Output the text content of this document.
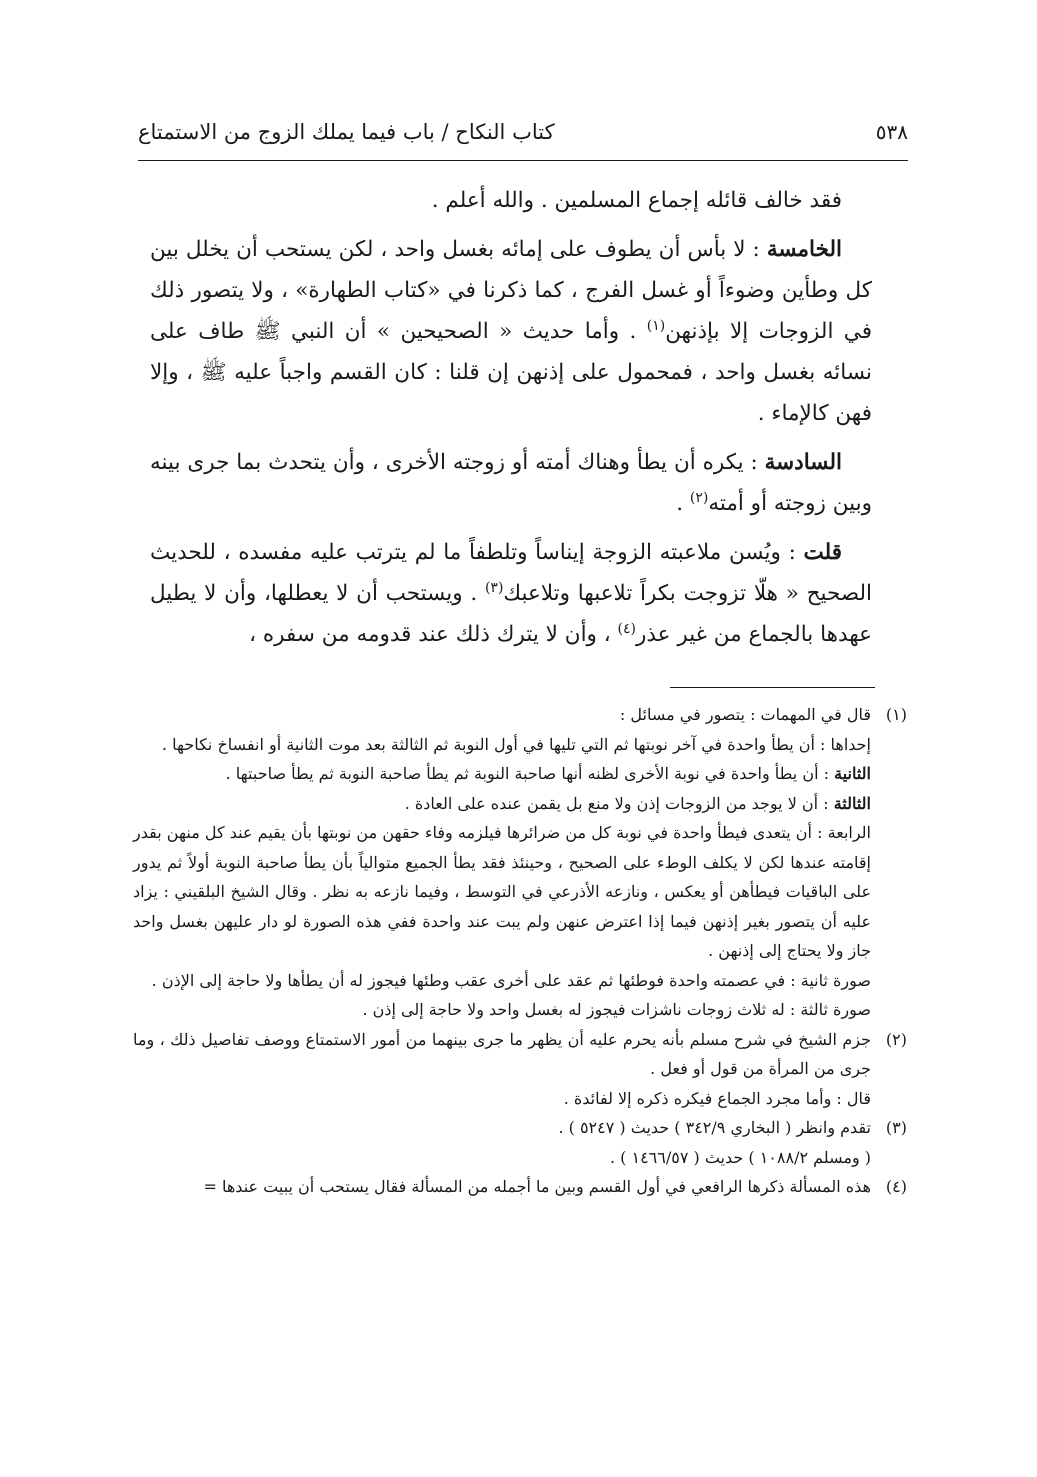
كتاب النكاح / باب فيما يملك الزوج من الاستمتاع	٥٣٨

فقد خالف قائله إجماع المسلمين . والله أعلم .

الخامسة : لا بأس أن يطوف على إمائه بغسل واحد ، لكن يستحب أن يخلل بين كل وطأين وضوءاً أو غسل الفرج ، كما ذكرنا في «كتاب الطهارة» ، ولا يتصور ذلك في الزوجات إلا بإذنهن$^{(١)}$ . وأما حديث « الصحيحين » أن النبي ﷺ طاف على نسائه بغسل واحد ، فمحمول على إذنهن إن قلنا : كان القسم واجباً عليه ﷺ ، وإلا فهن كالإماء .

السادسة : يكره أن يطأ وهناك أمته أو زوجته الأخرى ، وأن يتحدث بما جرى بينه وبين زوجته أو أمته$^{(٢)}$ .

قلت : ويُسن ملاعبته الزوجة إيناساً وتلطفاً ما لم يترتب عليه مفسده ، للحديث الصحيح « هلّا تزوجت بكراً تلاعبها وتلاعبك$^{(٣)}$ . ويستحب أن لا يعطلها، وأن لا يطيل عهدها بالجماع من غير عذر$^{(٤)}$ ، وأن لا يترك ذلك عند قدومه من سفره ،

(١)

قال في المهمات : يتصور في مسائل :

إحداها : أن يطأ واحدة في آخر نوبتها ثم التي تليها في أول النوبة ثم الثالثة بعد موت الثانية أو انفساخ نكاحها .

الثانية : أن يطأ واحدة في نوبة الأخرى لظنه أنها صاحبة النوبة ثم يطأ صاحبة النوبة ثم يطأ صاحبتها .

الثالثة : أن لا يوجد من الزوجات إذن ولا منع بل يقمن عنده على العادة .

الرابعة : أن يتعدى فيطأ واحدة في نوبة كل من ضرائرها فيلزمه وفاء حقهن من نوبتها بأن يقيم عند كل منهن بقدر إقامته عندها لكن لا يكلف الوطء على الصحيح ، وحينئذ فقد يطأ الجميع متوالياً بأن يطأ صاحبة النوبة أولاً ثم يدور على الباقيات فيطأهن أو يعكس ، ونازعه الأذرعي في التوسط ، وفيما نازعه به نظر . وقال الشيخ البلقيني : يزاد عليه أن يتصور بغير إذنهن فيما إذا اعترض عنهن ولم يبت عند واحدة ففي هذه الصورة لو دار عليهن بغسل واحد جاز ولا يحتاج إلى إذنهن .

صورة ثانية : في عصمته واحدة فوطئها ثم عقد على أخرى عقب وطئها فيجوز له أن يطأها ولا حاجة إلى الإذن .

صورة ثالثة : له ثلاث زوجات ناشزات فيجوز له بغسل واحد ولا حاجة إلى إذن .

(٢)

جزم الشيخ في شرح مسلم بأنه يحرم عليه أن يظهر ما جرى بينهما من أمور الاستمتاع ووصف تفاصيل ذلك ، وما جرى من المرأة من قول أو فعل .

قال : وأما مجرد الجماع فيكره ذكره إلا لفائدة .

(٣)

تقدم وانظر ( البخاري ٣٤٢/٩ ) حديث ( ٥٢٤٧ ) .

( ومسلم ١٠٨٨/٢ ) حديث ( ١٤٦٦/٥٧ ) .

(٤)

هذه المسألة ذكرها الرافعي في أول القسم وبين ما أجمله من المسألة فقال يستحب أن يبيت عندها =
